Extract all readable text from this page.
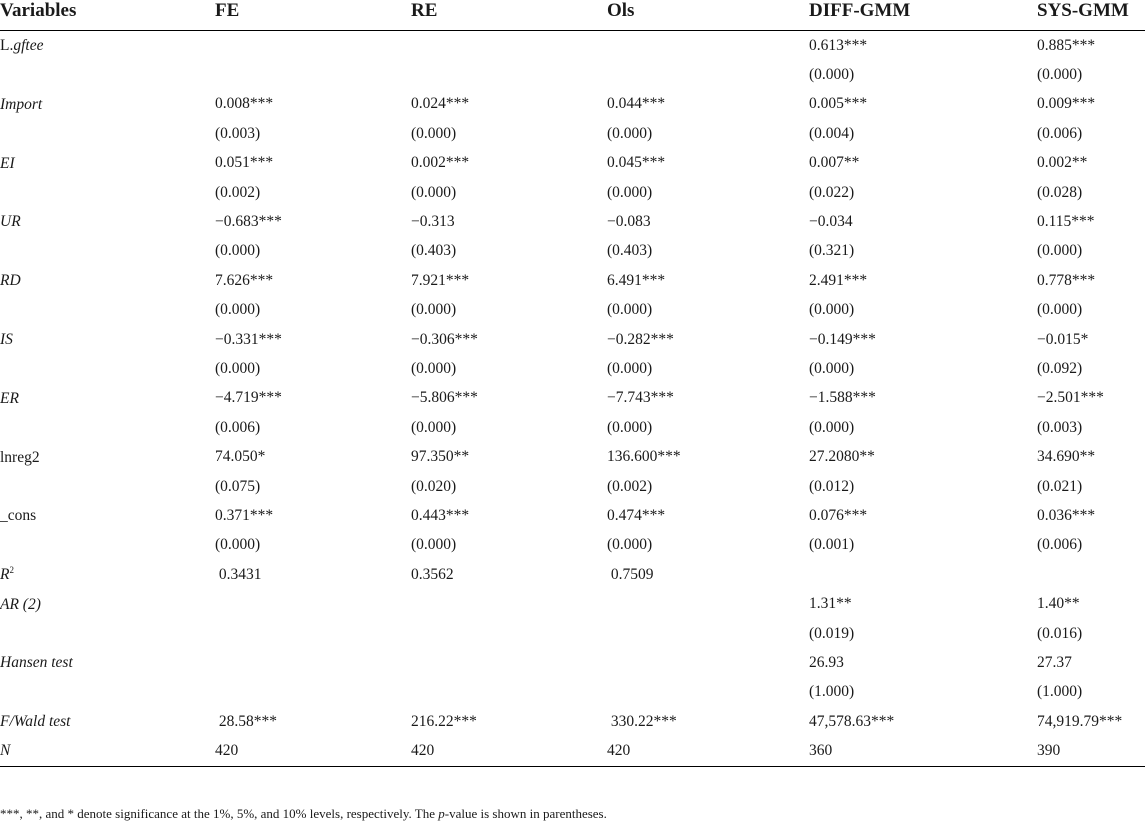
Variables	FE	RE	Ols	DIFF-GMM	SYS-GMM
L.gftee				0.613***	0.885***
				(0.000)	(0.000)
Import	0.008***	0.024***	0.044***	0.005***	0.009***
	(0.003)	(0.000)	(0.000)	(0.004)	(0.006)
EI	0.051***	0.002***	0.045***	0.007**	0.002**
	(0.002)	(0.000)	(0.000)	(0.022)	(0.028)
UR	−0.683***	−0.313	−0.083	−0.034	0.115***
	(0.000)	(0.403)	(0.403)	(0.321)	(0.000)
RD	7.626***	7.921***	6.491***	2.491***	0.778***
	(0.000)	(0.000)	(0.000)	(0.000)	(0.000)
IS	−0.331***	−0.306***	−0.282***	−0.149***	−0.015*
	(0.000)	(0.000)	(0.000)	(0.000)	(0.092)
ER	−4.719***	−5.806***	−7.743***	−1.588***	−2.501***
	(0.006)	(0.000)	(0.000)	(0.000)	(0.003)
lnreg2	74.050*	97.350**	136.600***	27.2080**	34.690**
	(0.075)	(0.020)	(0.002)	(0.012)	(0.021)
_cons	0.371***	0.443***	0.474***	0.076***	0.036***
	(0.000)	(0.000)	(0.000)	(0.001)	(0.006)
$R^2$	0.3431	0.3562	0.7509		
AR (2)				1.31**	1.40**
				(0.019)	(0.016)
Hansen test				26.93	27.37
				(1.000)	(1.000)
F/Wald test	28.58***	216.22***	330.22***	47,578.63***	74,919.79***
N	420	420	420	360	390
***, **, and * denote significance at the 1%, 5%, and 10% levels, respectively. The p-value is shown in parentheses.
